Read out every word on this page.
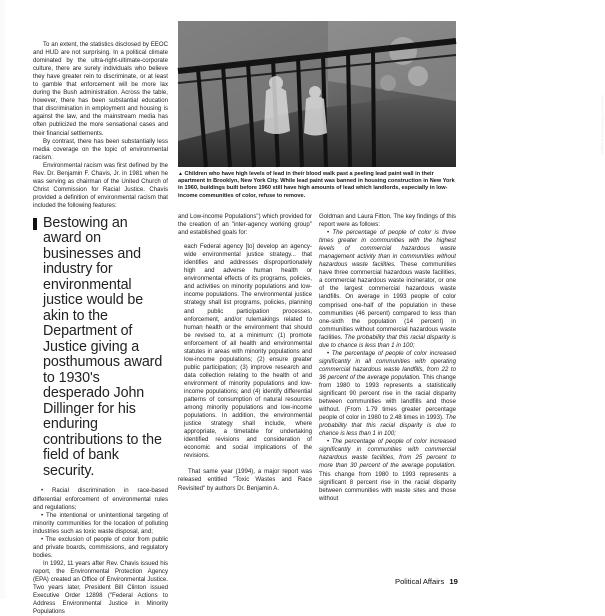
To an extent, the statistics disclosed by EEOC and HUD are not surprising. In a political climate dominated by the ultra-right-ultimate-corporate culture, there are surely individuals who believe they have greater rein to discriminate, or at least to gamble that enforcement will be more lax during the Bush administration. Across the table, however, there has been substantial education that discrimination in employment and housing is against the law, and the mainstream media has often publicized the more sensational cases and their financial settlements.

By contrast, there has been substantially less media coverage on the topic of environmental racism.

Environmental racism was first defined by the Rev. Dr. Benjamin F. Chavis, Jr. in 1981 when he was serving as chairman of the United Church of Christ Commission for Racial Justice. Chavis provided a definition of environmental racism that included the following features:

Bestowing an award on businesses and industry for environmental justice would be akin to the Department of Justice giving a posthumous award to 1930's desperado John Dillinger for his enduring contributions to the field of bank security.

• Racial discrimination in race-based differential enforcement of environmental rules and regulations;

• The intentional or unintentional targeting of minority communities for the location of polluting industries such as toxic waste disposal, and;

• The exclusion of people of color from public and private boards, commissions, and regulatory bodies.

In 1992, 11 years after Rev. Chavis issued his report, the Environmental Protection Agency (EPA) created an Office of Environmental Justice. Two years later, President Bill Clinton issued Executive Order 12898 ("Federal Actions to Address Environmental Justice in Minority Populations

Spencer Platt/Getty Images
▲ Children who have high levels of lead in their blood walk past a peeling lead paint wall in their apartment in Brooklyn, New York City. While lead paint was banned in housing construction in New York in 1960, buildings built before 1960 still have high amounts of lead which landlords, especially in low-income communities of color, refuse to remove.

and Low-income Populations") which provided for the creation of an "inter-agency working group" and established goals for:

each Federal agency [to] develop an agency-wide environmental justice strategy... that identifies and addresses disproportionately high and adverse human health or environmental effects of its programs, policies, and activities on minority populations and low-income populations. The environmental justice strategy shall list programs, policies, planning and public participation processes, enforcement, and/or rulemakings related to human health or the environment that should be revised to, at a minimum: (1) promote enforcement of all health and environmental statutes in areas with minority populations and low-income populations; (2) ensure greater public participation; (3) improve research and data collection relating to the health of and environment of minority populations and low-income populations; and (4) identify differential patterns of consumption of natural resources among minority populations and low-income populations. In addition, the environmental justice strategy shall include, where appropriate, a timetable for undertaking identified revisions and consideration of economic and social implications of the revisions.

That same year (1994), a major report was released entitled "Toxic Wastes and Race Revisited" by authors Dr. Benjamin A.

Goldman and Laura Fitton. The key findings of this report were as follows:

• The percentage of people of color is three times greater in communities with the highest levels of commercial hazardous waste management activity than in communities without hazardous waste facilities. These communities have three commercial hazardous waste facilities, a commercial hazardous waste incinerator, or one of the largest commercial hazardous waste landfills. On average in 1993 people of color comprised one-half of the population in these communities (46 percent) compared to less than one-sixth the population (14 percent) in communities without commercial hazardous waste facilities. The probability that this racial disparity is due to chance is less than 1 in 100;

• The percentage of people of color increased significantly in all communities with operating commercial hazardous waste landfills, from 22 to 36 percent of the average population. This change from 1980 to 1993 represents a statistically significant 90 percent rise in the racial disparity between communities with landfills and those without. (From 1.79 times greater percentage people of color in 1980 to 2.48 times in 1993). The probability that this racial disparity is due to chance is less than 1 in 100;

• The percentage of people of color increased significantly in communities with commercial hazardous waste facilities, from 25 percent to more than 30 percent of the average population. This change from 1980 to 1993 represents a significant 8 percent rise in the racial disparity between communities with waste sites and those without

Political Affairs 19
